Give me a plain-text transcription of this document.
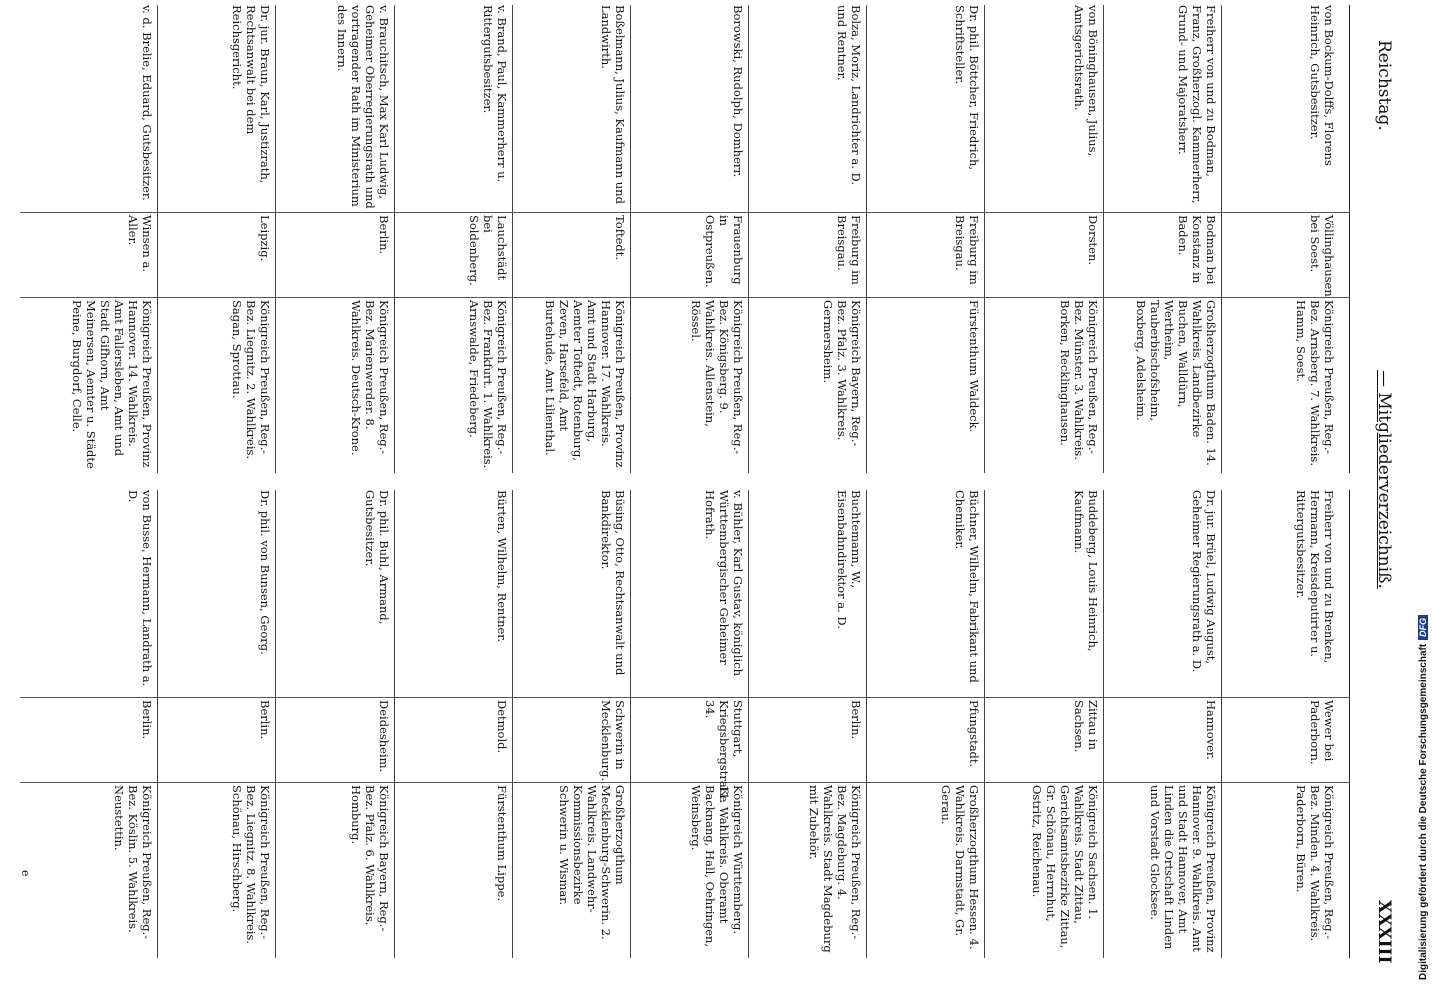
Reichstag.
— Mitgliederverzeichniß.
XXXIII
von Bockum-Dolffs, Florens Heinrich, Gutsbesitzer.
Völlinghausen bei Soest.
Königreich Preußen, Reg.-Bez. Arnsberg. 7. Wahlkreis. Hamm, Soest.
Freiherr von und zu Bodman, Franz, Großherzogl. Kammerherr, Grund- und Majoratsherr.
Bodman bei Konstanz in Baden.
Großherzogthum Baden. 14. Wahlkreis. Landbezirke Buchen, Walldürn, Wertheim, Tauberbischofsheim, Boxberg, Adelsheim.
von Böninghausen, Julius, Amtsgerichtsrath.
Dorsten.
Königreich Preußen, Reg.-Bez. Münster. 3. Wahlkreis. Borken, Recklinghausen.
Dr. phil. Böttcher, Friedrich, Schriftsteller.
Freiburg im Breisgau.
Fürstenthum Waldeck.
Bolza, Moriz, Landrichter a. D. und Rentner.
Freiburg im Breisgau.
Königreich Bayern, Reg.-Bez. Pfalz. 3. Wahlkreis. Germersheim.
Borowski, Rudolph, Domherr.
Frauenburg in Ostpreußen.
Königreich Preußen, Reg.-Bez. Königsberg. 9. Wahlkreis. Allenstein, Rössel.
Boßelmann, Julius, Kaufmann und Landwirth.
Toftedt.
Königreich Preußen, Provinz Hannover. 17. Wahlkreis. Amt und Stadt Harburg, Aemter Toftedt, Rotenburg, Zeven, Harsefeld, Amt Burtehude, Amt Lilienthal.
v. Brand, Paul, Kammerherr u. Rittergutsbesitzer.
Lauchstädt bei Soldenberg.
Königreich Preußen, Reg.-Bez. Frankfurt. 1. Wahlkreis. Arnswalde, Friedeberg.
v. Brauchitsch, Max Karl Ludwig, Geheimer Oberregierungsrath und vortragender Rath im Ministerium des Innern.
Berlin.
Königreich Preußen, Reg.-Bez. Marienwerder. 8. Wahlkreis. Deutsch-Krone.
Dr. jur. Braun, Karl, Justizrath, Rechtsanwalt bei dem Reichsgericht.
Leipzig.
Königreich Preußen, Reg.-Bez. Liegnitz. 2. Wahlkreis. Sagan, Sprottau.
v. d. Brelie, Eduard, Gutsbesitzer.
Winsen a. Aller.
Königreich Preußen, Provinz Hannover. 14. Wahlkreis. Amt Fallersleben, Amt und Stadt Gifhorn, Amt Meinersen, Aemter u. Städte Peine, Burgdorf, Celle.
Freiherr von und zu Brenken, Hermann, Kreisdeputirter u. Rittergutsbesitzer.
Wewer bei Paderborn.
Königreich Preußen, Reg.-Bez. Minden. 4. Wahlkreis. Paderborn, Büren.
Dr. jur. Brüel, Ludwig August, Geheimer Regierungsrath a. D.
Hannover.
Königreich Preußen, Provinz Hannover. 9. Wahlkreis. Amt und Stadt Hannover, Amt Linden die Ortschaft Linden und Vorstadt Glocksee.
Buddeberg, Louis Heinrich, Kaufmann.
Zittau in Sachsen.
Königreich Sachsen. 1. Wahlkreis. Stadt Zittau, Gerichtsamtsbezirke Zittau, Gr. Schönau, Herrnhut, Ostritz, Reichenau.
Büchner, Wilhelm, Fabrikant und Chemiker.
Pfungstadt.
Großherzogthum Hessen. 4. Wahlkreis. Darmstadt, Gr. Gerau.
Buchtemann, W., Eisenbahndirektor a. D.
Berlin.
Königreich Preußen, Reg.-Bez. Magdeburg. 4. Wahlkreis. Stadt Magdeburg mit Zubehör.
v. Bühler, Karl Gustav, königlich Württembergischer Geheimer Hofrath.
Stuttgart, Kriegsbergstraße 34.
Königreich Württemberg. 11. Wahlkreis. Oberamt Backnang, Hall, Oehringen, Weinsberg.
Büsing, Otto, Rechtsanwalt und Bankdirektor.
Schwerin in Mecklenburg.
Großherzogthum Mecklenburg-Schwerin. 2. Wahlkreis. Landwehr-Kommissionsbezirke Schwerin u. Wismar.
Bürten, Wilhelm, Rentner.
Detmold.
Fürstenthum Lippe.
Dr. phil. Buhl, Armand, Gutsbesitzer.
Deidesheim.
Königreich Bayern, Reg.-Bez. Pfalz. 6. Wahlkreis. Homburg.
Dr. phil. von Bunsen, Georg.
Berlin.
Königreich Preußen, Reg.-Bez. Liegnitz. 8. Wahlkreis. Schönau, Hirschberg.
von Busse, Hermann, Landrath a. D.
Berlin.
Königreich Preußen, Reg.-Bez. Köslin. 5. Wahlkreis. Neustettin.
e	Digitalisierung gefördert durch die Deutsche ForschungsgemeinschaftDFG
